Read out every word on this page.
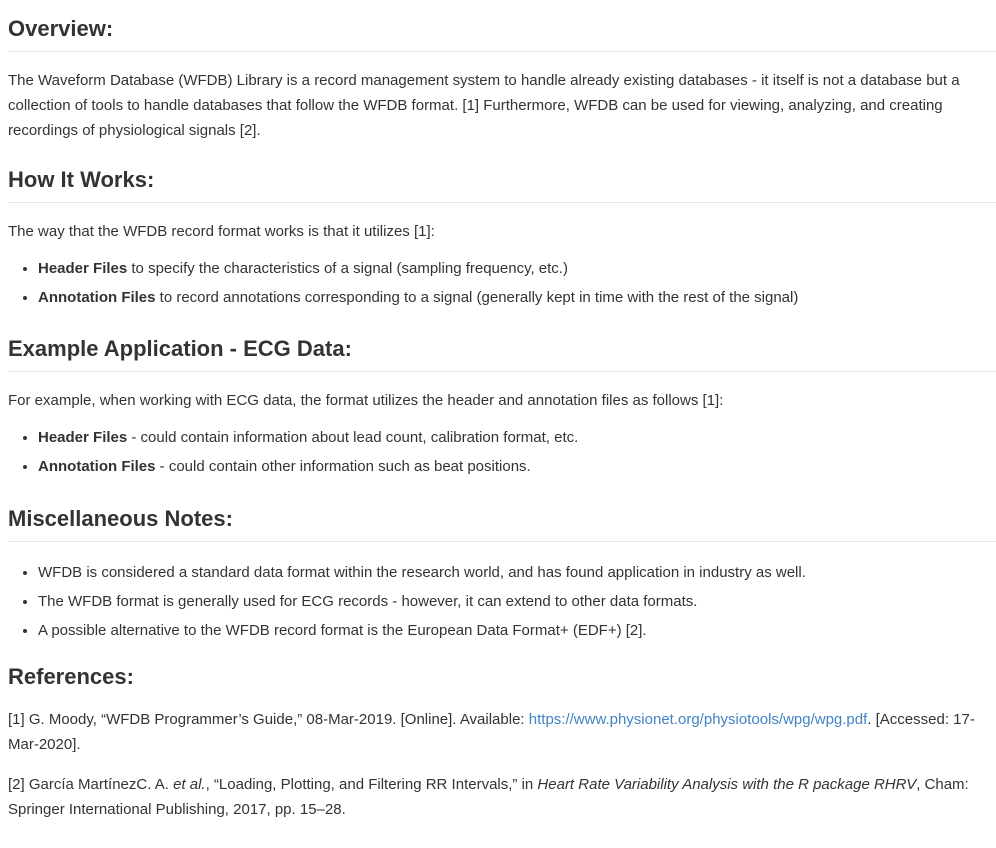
Overview:

The Waveform Database (WFDB) Library is a record management system to handle already existing databases - it itself is not a database but a collection of tools to handle databases that follow the WFDB format. [1] Furthermore, WFDB can be used for viewing, analyzing, and creating recordings of physiological signals [2].

How It Works:

The way that the WFDB record format works is that it utilizes [1]:

• Header Files to specify the characteristics of a signal (sampling frequency, etc.)
• Annotation Files to record annotations corresponding to a signal (generally kept in time with the rest of the signal)
Example Application - ECG Data:

For example, when working with ECG data, the format utilizes the header and annotation files as follows [1]:

• Header Files - could contain information about lead count, calibration format, etc.
• Annotation Files - could contain other information such as beat positions.
Miscellaneous Notes:
• WFDB is considered a standard data format within the research world, and has found application in industry as well.
• The WFDB format is generally used for ECG records - however, it can extend to other data formats.
• A possible alternative to the WFDB record format is the European Data Format+ (EDF+) [2].
References:

[1] G. Moody, “WFDB Programmer’s Guide,” 08-Mar-2019. [Online]. Available: https://www.physionet.org/physiotools/wpg/wpg.pdf. [Accessed: 17-Mar-2020].

[2] García MartínezC. A. et al., “Loading, Plotting, and Filtering RR Intervals,” in Heart Rate Variability Analysis with the R package RHRV, Cham: Springer International Publishing, 2017, pp. 15–28.
